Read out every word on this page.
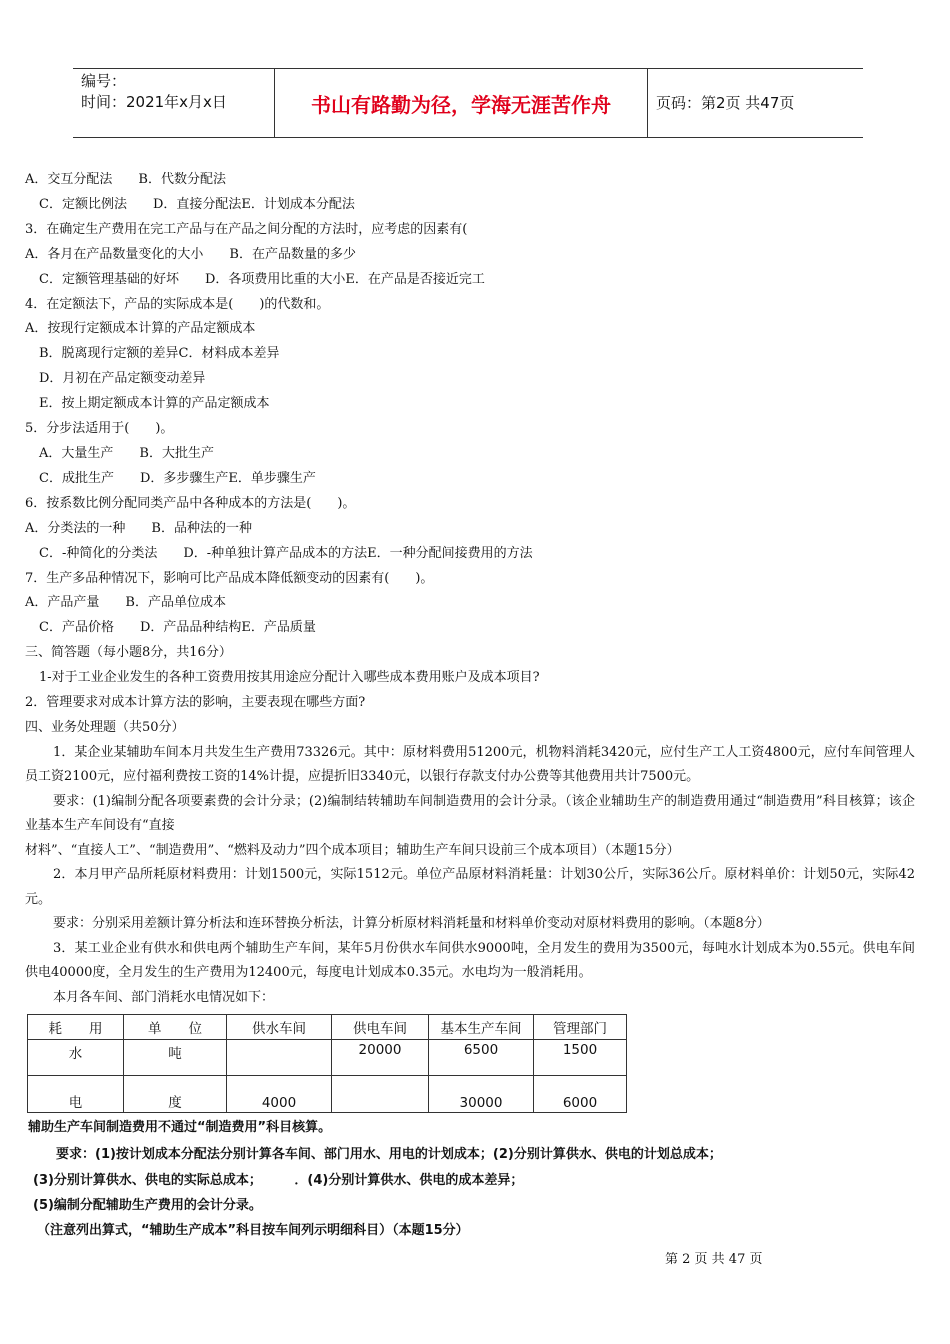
编号：
时间：2021年x月x日	书山有路勤为径，学海无涯苦作舟	页码：第2页 共47页
A．交互分配法　　B．代数分配法
C．定额比例法　　D．直接分配法E．计划成本分配法
3．在确定生产费用在完工产品与在产品之间分配的方法时，应考虑的因素有(
A．各月在产品数量变化的大小　　B．在产品数量的多少
C．定额管理基础的好坏　　D．各项费用比重的大小E．在产品是否接近完工
4．在定额法下，产品的实际成本是(　　)的代数和。
A．按现行定额成本计算的产品定额成本
B．脱离现行定额的差异C．材料成本差异
D．月初在产品定额变动差异
E．按上期定额成本计算的产品定额成本
5．分步法适用于(　　)。
A．大量生产　　B．大批生产
C．成批生产　　D．多步骤生产E．单步骤生产
6．按系数比例分配同类产品中各种成本的方法是(　　)。
A．分类法的一种　　B．品种法的一种
C．-种简化的分类法　　D．-种单独计算产品成本的方法E．一种分配间接费用的方法
7．生产多品种情况下，影响可比产品成本降低额变动的因素有(　　)。
A．产品产量　　B．产品单位成本
C．产品价格　　D．产品品种结构E．产品质量
三、简答题（每小题8分，共16分）
1-对于工业企业发生的各种工资费用按其用途应分配计入哪些成本费用账户及成本项目?
2．管理要求对成本计算方法的影响，主要表现在哪些方面?
四、业务处理题（共50分）
1．某企业某辅助车间本月共发生生产费用73326元。其中：原材料费用51200元，机物料消耗3420元，应付生产工人工资4800元，应付车间管理人员工资2100元，应付福利费按工资的14%计提，应提折旧3340元，以银行存款支付办公费等其他费用共计7500元。
要求：(1)编制分配各项要素费的会计分录；(2)编制结转辅助车间制造费用的会计分录。（该企业辅助生产的制造费用通过“制造费用”科目核算；该企业基本生产车间设有“直接
材料”、“直接人工”、“制造费用”、“燃料及动力”四个成本项目；辅助生产车间只设前三个成本项目）（本题15分）
2．本月甲产品所耗原材料费用：计划1500元，实际1512元。单位产品原材料消耗量：计划30公斤，实际36公斤。原材料单价：计划50元，实际42元。
要求：分别采用差额计算分析法和连环替换分析法，计算分析原材料消耗量和材料单价变动对原材料费用的影响。（本题8分）
3．某工业企业有供水和供电两个辅助生产车间，某年5月份供水车间供水9000吨，全月发生的费用为3500元，每吨水计划成本为0.55元。供电车间供电40000度，全月发生的生产费用为12400元，每度电计划成本0.35元。水电均为一般消耗用。
本月各车间、部门消耗水电情况如下：
耗　　用	单　　位	供水车间	供电车间	基本生产车间	管理部门
水	吨		20000	6500	1500
电	度	4000		30000	6000
辅助生产车间制造费用不通过“制造费用”科目核算。
要求：(1)按计划成本分配法分别计算各车间、部门用水、用电的计划成本；(2)分别计算供水、供电的计划总成本；
(3)分别计算供水、供电的实际总成本；　　　．(4)分别计算供水、供电的成本差异；
(5)编制分配辅助生产费用的会计分录。
（注意列出算式，“辅助生产成本”科目按车间列示明细科目）（本题15分）
第 2 页 共 47 页
